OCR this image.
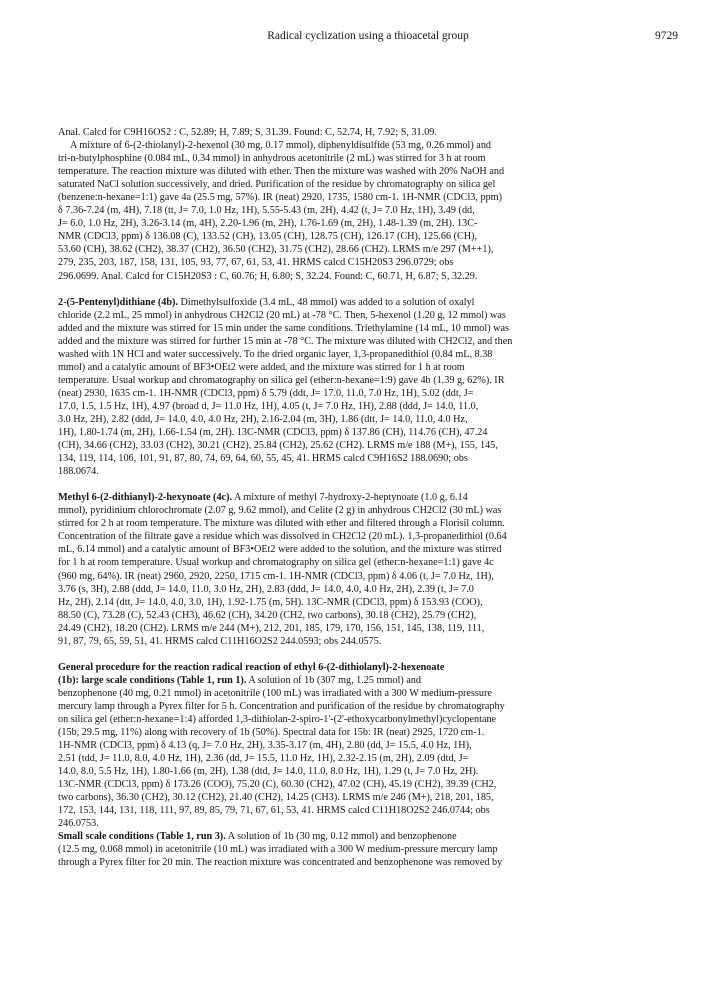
Radical cyclization using a thioacetal group	9729

Anal. Calcd for C9H16OS2 : C, 52.89; H, 7.89; S, 31.39. Found: C, 52.74, H, 7.92; S, 31.09.

A mixture of 6-(2-thiolanyl)-2-hexenol (30 mg, 0.17 mmol), diphenyldisulfide (53 mg, 0.26 mmol) and
tri-n-butylphosphine (0.084 mL, 0.34 mmol) in anhydrous acetonitrile (2 mL) was stirred for 3 h at room
temperature. The reaction mixture was diluted with ether. Then the mixture was washed with 20% NaOH and
saturated NaCl solution successively, and dried. Purification of the residue by chromatography on silica gel
(benzene:n-hexane=1:1) gave 4a (25.5 mg, 57%). IR (neat) 2920, 1735, 1580 cm-1. 1H-NMR (CDCl3, ppm)
δ 7.36-7.24 (m, 4H), 7.18 (tt, J= 7.0, 1.0 Hz, 1H), 5.55-5.43 (m, 2H), 4.42 (t, J= 7.0 Hz, 1H), 3.49 (dd,
J= 6.0, 1.0 Hz, 2H), 3.26-3.14 (m, 4H), 2.20-1.96 (m, 2H), 1.76-1.69 (m, 2H), 1.48-1.39 (m, 2H). 13C-
NMR (CDCl3, ppm) δ 136.08 (C), 133.52 (CH), 13.05 (CH), 128.75 (CH), 126.17 (CH), 125.66 (CH),
53.60 (CH), 38.62 (CH2), 38.37 (CH2), 36.50 (CH2), 31.75 (CH2), 28.66 (CH2). LRMS m/e 297 (M++1),
279, 235, 203, 187, 158, 131, 105, 93, 77, 67, 61, 53, 41. HRMS calcd C15H20S3 296.0729; obs
296.0699. Anal. Calcd for C15H20S3 : C, 60.76; H, 6.80; S, 32.24. Found: C, 60.71, H, 6.87; S, 32.29.
2-(5-Pentenyl)dithiane (4b). Dimethylsulfoxide (3.4 mL, 48 mmol) was added to a solution of oxalyl
chloride (2.2 mL, 25 mmol) in anhydrous CH2Cl2 (20 mL) at -78 °C. Then, 5-hexenol (1.20 g, 12 mmol) was
added and the mixture was stirred for 15 min under the same conditions. Triethylamine (14 mL, 10 mmol) was
added and the mixture was stirred for further 15 min at -78 °C. The mixture was diluted with CH2Cl2, and then
washed with 1N HCl and water successively. To the dried organic layer, 1,3-propanedithiol (0.84 mL, 8.38
mmol) and a catalytic amount of BF3•OEt2 were added, and the mixture was stirred for 1 h at room
temperature. Usual workup and chromatography on silica gel (ether:n-hexane=1:9) gave 4b (1.39 g, 62%). IR
(neat) 2930, 1635 cm-1. 1H-NMR (CDCl3, ppm) δ 5.79 (ddt, J= 17.0, 11.0, 7.0 Hz, 1H), 5.02 (ddt, J=
17.0, 1.5, 1.5 Hz, 1H), 4.97 (broad d, J= 11.0 Hz, 1H), 4.05 (t, J= 7.0 Hz, 1H), 2.88 (ddd, J= 14.0, 11.0,
3.0 Hz, 2H), 2.82 (ddd, J= 14.0, 4.0, 4.0 Hz, 2H), 2.16-2.04 (m, 3H), 1.86 (dtt, J= 14.0, 11.0, 4.0 Hz,
1H), 1.80-1.74 (m, 2H), 1.66-1.54 (m, 2H). 13C-NMR (CDCl3, ppm) δ 137.86 (CH), 114.76 (CH), 47.24
(CH), 34.66 (CH2), 33.03 (CH2), 30.21 (CH2), 25.84 (CH2), 25.62 (CH2). LRMS m/e 188 (M+), 155, 145,
134, 119, 114, 106, 101, 91, 87, 80, 74, 69, 64, 60, 55, 45, 41. HRMS calcd C9H16S2 188.0690; obs
188.0674.
Methyl 6-(2-dithianyl)-2-hexynoate (4c). A mixture of methyl 7-hydroxy-2-heptynoate (1.0 g, 6.14
mmol), pyridinium chlorochromate (2.07 g, 9.62 mmol), and Celite (2 g) in anhydrous CH2Cl2 (30 mL) was
stirred for 2 h at room temperature. The mixture was diluted with ether and filtered through a Florisil column.
Concentration of the filtrate gave a residue which was dissolved in CH2Cl2 (20 mL). 1,3-propanedithiol (0.64
mL, 6.14 mmol) and a catalytic amount of BF3•OEt2 were added to the solution, and the mixture was stirred
for 1 h at room temperature. Usual workup and chromatography on silica gel (ether:n-hexane=1:1) gave 4c
(960 mg, 64%). IR (neat) 2960, 2920, 2250, 1715 cm-1. 1H-NMR (CDCl3, ppm) δ 4.06 (t, J= 7.0 Hz, 1H),
3.76 (s, 3H), 2.88 (ddd, J= 14.0, 11.0, 3.0 Hz, 2H), 2.83 (ddd, J= 14.0, 4.0, 4.0 Hz, 2H), 2.39 (t, J= 7.0
Hz, 2H), 2.14 (dtt, J= 14.0, 4.0, 3.0, 1H), 1.92-1.75 (m, 5H). 13C-NMR (CDCl3, ppm) δ 153.93 (COO),
88.50 (C), 73.28 (C), 52.43 (CH3), 46.62 (CH), 34.20 (CH2, two carbons), 30.18 (CH2), 25.79 (CH2),
24.49 (CH2), 18.20 (CH2). LRMS m/e 244 (M+), 212, 201, 185, 179, 170, 156, 151, 145, 138, 119, 111,
91, 87, 79, 65, 59, 51, 41. HRMS calcd C11H16O2S2 244.0593; obs 244.0575.
General procedure for the reaction radical reaction of ethyl 6-(2-dithiolanyl)-2-hexenoate
(1b): large scale conditions (Table 1, run 1). A solution of 1b (307 mg, 1.25 mmol) and
benzophenone (40 mg, 0.21 mmol) in acetonitrile (100 mL) was irradiated with a 300 W medium-pressure
mercury lamp through a Pyrex filter for 5 h. Concentration and purification of the residue by chromatography
on silica gel (ether:n-hexane=1:4) afforded 1,3-dithiolan-2-spiro-1'-(2'-ethoxycarbonylmethyl)cyclopentane
(15b, 29.5 mg, 11%) along with recovery of 1b (50%). Spectral data for 15b: IR (neat) 2925, 1720 cm-1.
1H-NMR (CDCl3, ppm) δ 4.13 (q, J= 7.0 Hz, 2H), 3.35-3.17 (m, 4H), 2.80 (dd, J= 15.5, 4.0 Hz, 1H),
2.51 (tdd, J= 11.0, 8.0, 4.0 Hz, 1H), 2.36 (dd, J= 15.5, 11.0 Hz, 1H), 2.32-2.15 (m, 2H), 2.09 (dtd, J=
14.0, 8.0, 5.5 Hz, 1H), 1.80-1.66 (m, 2H), 1.38 (dtd, J= 14.0, 11.0, 8.0 Hz, 1H), 1.29 (t, J= 7.0 Hz, 2H).
13C-NMR (CDCl3, ppm) δ 173.26 (COO), 75.20 (C), 60.30 (CH2), 47.02 (CH), 45.19 (CH2), 39.39 (CH2,
two carbons), 36.30 (CH2), 30.12 (CH2), 21.40 (CH2), 14.25 (CH3). LRMS m/e 246 (M+), 218, 201, 185,
172, 153, 144, 131, 118, 111, 97, 89, 85, 79, 71, 67, 61, 53, 41. HRMS calcd C11H18O2S2 246.0744; obs
246.0753.
Small scale conditions (Table 1, run 3). A solution of 1b (30 mg, 0.12 mmol) and benzophenone
(12.5 mg, 0.068 mmol) in acetonitrile (10 mL) was irradiated with a 300 W medium-pressure mercury lamp
through a Pyrex filter for 20 min. The reaction mixture was concentrated and benzophenone was removed by
